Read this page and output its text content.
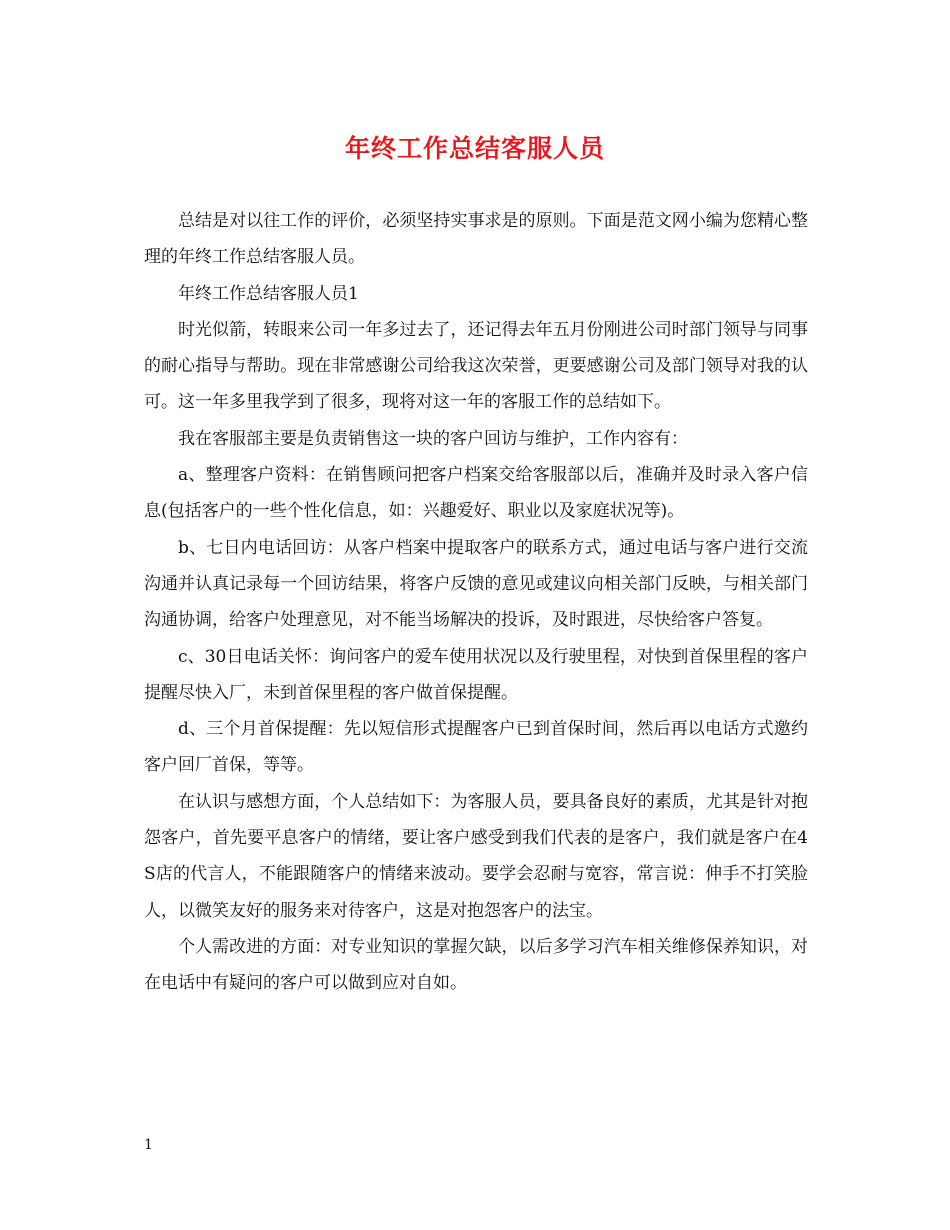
年终工作总结客服人员

总结是对以往工作的评价，必须坚持实事求是的原则。下面是范文网小编为您精心整理的年终工作总结客服人员。

年终工作总结客服人员1

时光似箭，转眼来公司一年多过去了，还记得去年五月份刚进公司时部门领导与同事的耐心指导与帮助。现在非常感谢公司给我这次荣誉，更要感谢公司及部门领导对我的认可。这一年多里我学到了很多，现将对这一年的客服工作的总结如下。

我在客服部主要是负责销售这一块的客户回访与维护，工作内容有：

a、整理客户资料：在销售顾问把客户档案交给客服部以后，准确并及时录入客户信息(包括客户的一些个性化信息，如：兴趣爱好、职业以及家庭状况等)。

b、七日内电话回访：从客户档案中提取客户的联系方式，通过电话与客户进行交流沟通并认真记录每一个回访结果，将客户反馈的意见或建议向相关部门反映，与相关部门沟通协调，给客户处理意见，对不能当场解决的投诉，及时跟进，尽快给客户答复。

c、30日电话关怀：询问客户的爱车使用状况以及行驶里程，对快到首保里程的客户提醒尽快入厂，未到首保里程的客户做首保提醒。

d、三个月首保提醒：先以短信形式提醒客户已到首保时间，然后再以电话方式邀约客户回厂首保，等等。

在认识与感想方面，个人总结如下：为客服人员，要具备良好的素质，尤其是针对抱怨客户，首先要平息客户的情绪，要让客户感受到我们代表的是客户，我们就是客户在4S店的代言人，不能跟随客户的情绪来波动。要学会忍耐与宽容，常言说：伸手不打笑脸人，以微笑友好的服务来对待客户，这是对抱怨客户的法宝。

个人需改进的方面：对专业知识的掌握欠缺，以后多学习汽车相关维修保养知识，对在电话中有疑问的客户可以做到应对自如。

1
